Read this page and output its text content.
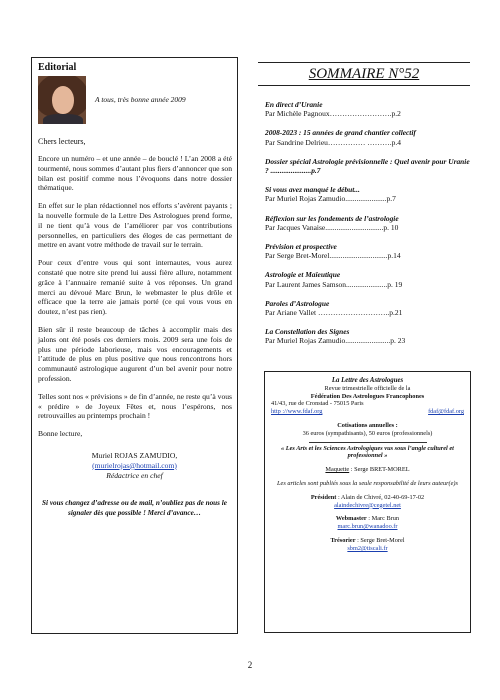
Editorial
A tous, très bonne année 2009
Chers lecteurs,

Encore un numéro – et une année – de bouclé ! L’an 2008 a été tourmenté, nous sommes d’autant plus fiers d’annoncer que son bilan est positif comme nous l’évoquons dans notre dossier thématique.

En effet sur le plan rédactionnel nos efforts s’avèrent payants ; la nouvelle formule de la Lettre Des Astrologues prend forme, il ne tient qu’à vous de l’améliorer par vos contributions personnelles, en particuliers des éloges de cas permettant de mettre en avant votre méthode de travail sur le terrain.

Pour ceux d’entre vous qui sont internautes, vous aurez constaté que notre site prend lui aussi fière allure, notamment grâce à l’annuaire remanié suite à vos réponses. Un grand merci au dévoué Marc Brun, le webmaster le plus drôle et efficace que la terre aie jamais porté (ce qui vous vous en doutez, n’est pas rien).

Bien sûr il reste beaucoup de tâches à accomplir mais des jalons ont été posés ces derniers mois. 2009 sera une fois de plus une période laborieuse, mais vos encouragements et l’attitude de plus en plus positive que nous rencontrons hors communauté astrologique augurent d’un bel avenir pour notre profession.

Telles sont nos « prévisions » de fin d’année, ne reste qu’à vous « prédire » de Joyeux Fêtes et, nous l’espérons, nos retrouvailles au printemps prochain !

Bonne lecture,

Muriel ROJAS ZAMUDIO,
(murielrojas@hotmail.com)
Rédactrice en chef
Si vous changez d’adresse ou de mail, n’oubliez pas de nous le signaler dès que possible ! Merci d’avance…
SOMMAIRE N°52
En direct d’Uranie
Par Michèle Pagnoux…………………….p.2
2008-2023 : 15 années de grand chantier collectif
Par Sandrine Delrieu…………… ……….p.4
Dossier spécial Astrologie prévisionnelle : Quel avenir pour Uranie ? ......................p.7
Si vous avez manqué le début...
Par Muriel Rojas Zamudio......................p.7
Réflexion sur les fondements de l’astrologie
Par Jacques Vanaise...............................p. 10
Prévision et prospective
Par Serge Bret-Morel...............................p.14
Astrologie et Maïeutique
Par Laurent James Samson......................p. 19
Paroles d’Astrologue
Par Ariane Vallet ………………………..p.21
La Constellation des Signes
Par Muriel Rojas Zamudio........................p. 23
La Lettre des Astrologues
Revue trimestrielle officielle de la
Fédération Des Astrologues Francophones
41/43, rue de Cronstad - 75015 Paris
http ://www.fdaf.org	fdaf@fdaf.org
Cotisations annuelles :
36 euros (sympathisants), 50 euros (professionnels)
« Les Arts et les Sciences Astrologiques vus sous l’angle culturel et professionnel »
Maquette : Serge BRET-MOREL
Les articles sont publiés sous la seule responsabilité de leurs auteur(e)s
Président : Alain de Chivré, 02-40-69-17-02
alaindechivre@cegetel.net
Webmaster : Marc Brun
marc.brun@wanadoo.fr
Trésorier : Serge Bret-Morel
sbm2@tiscali.fr
2
